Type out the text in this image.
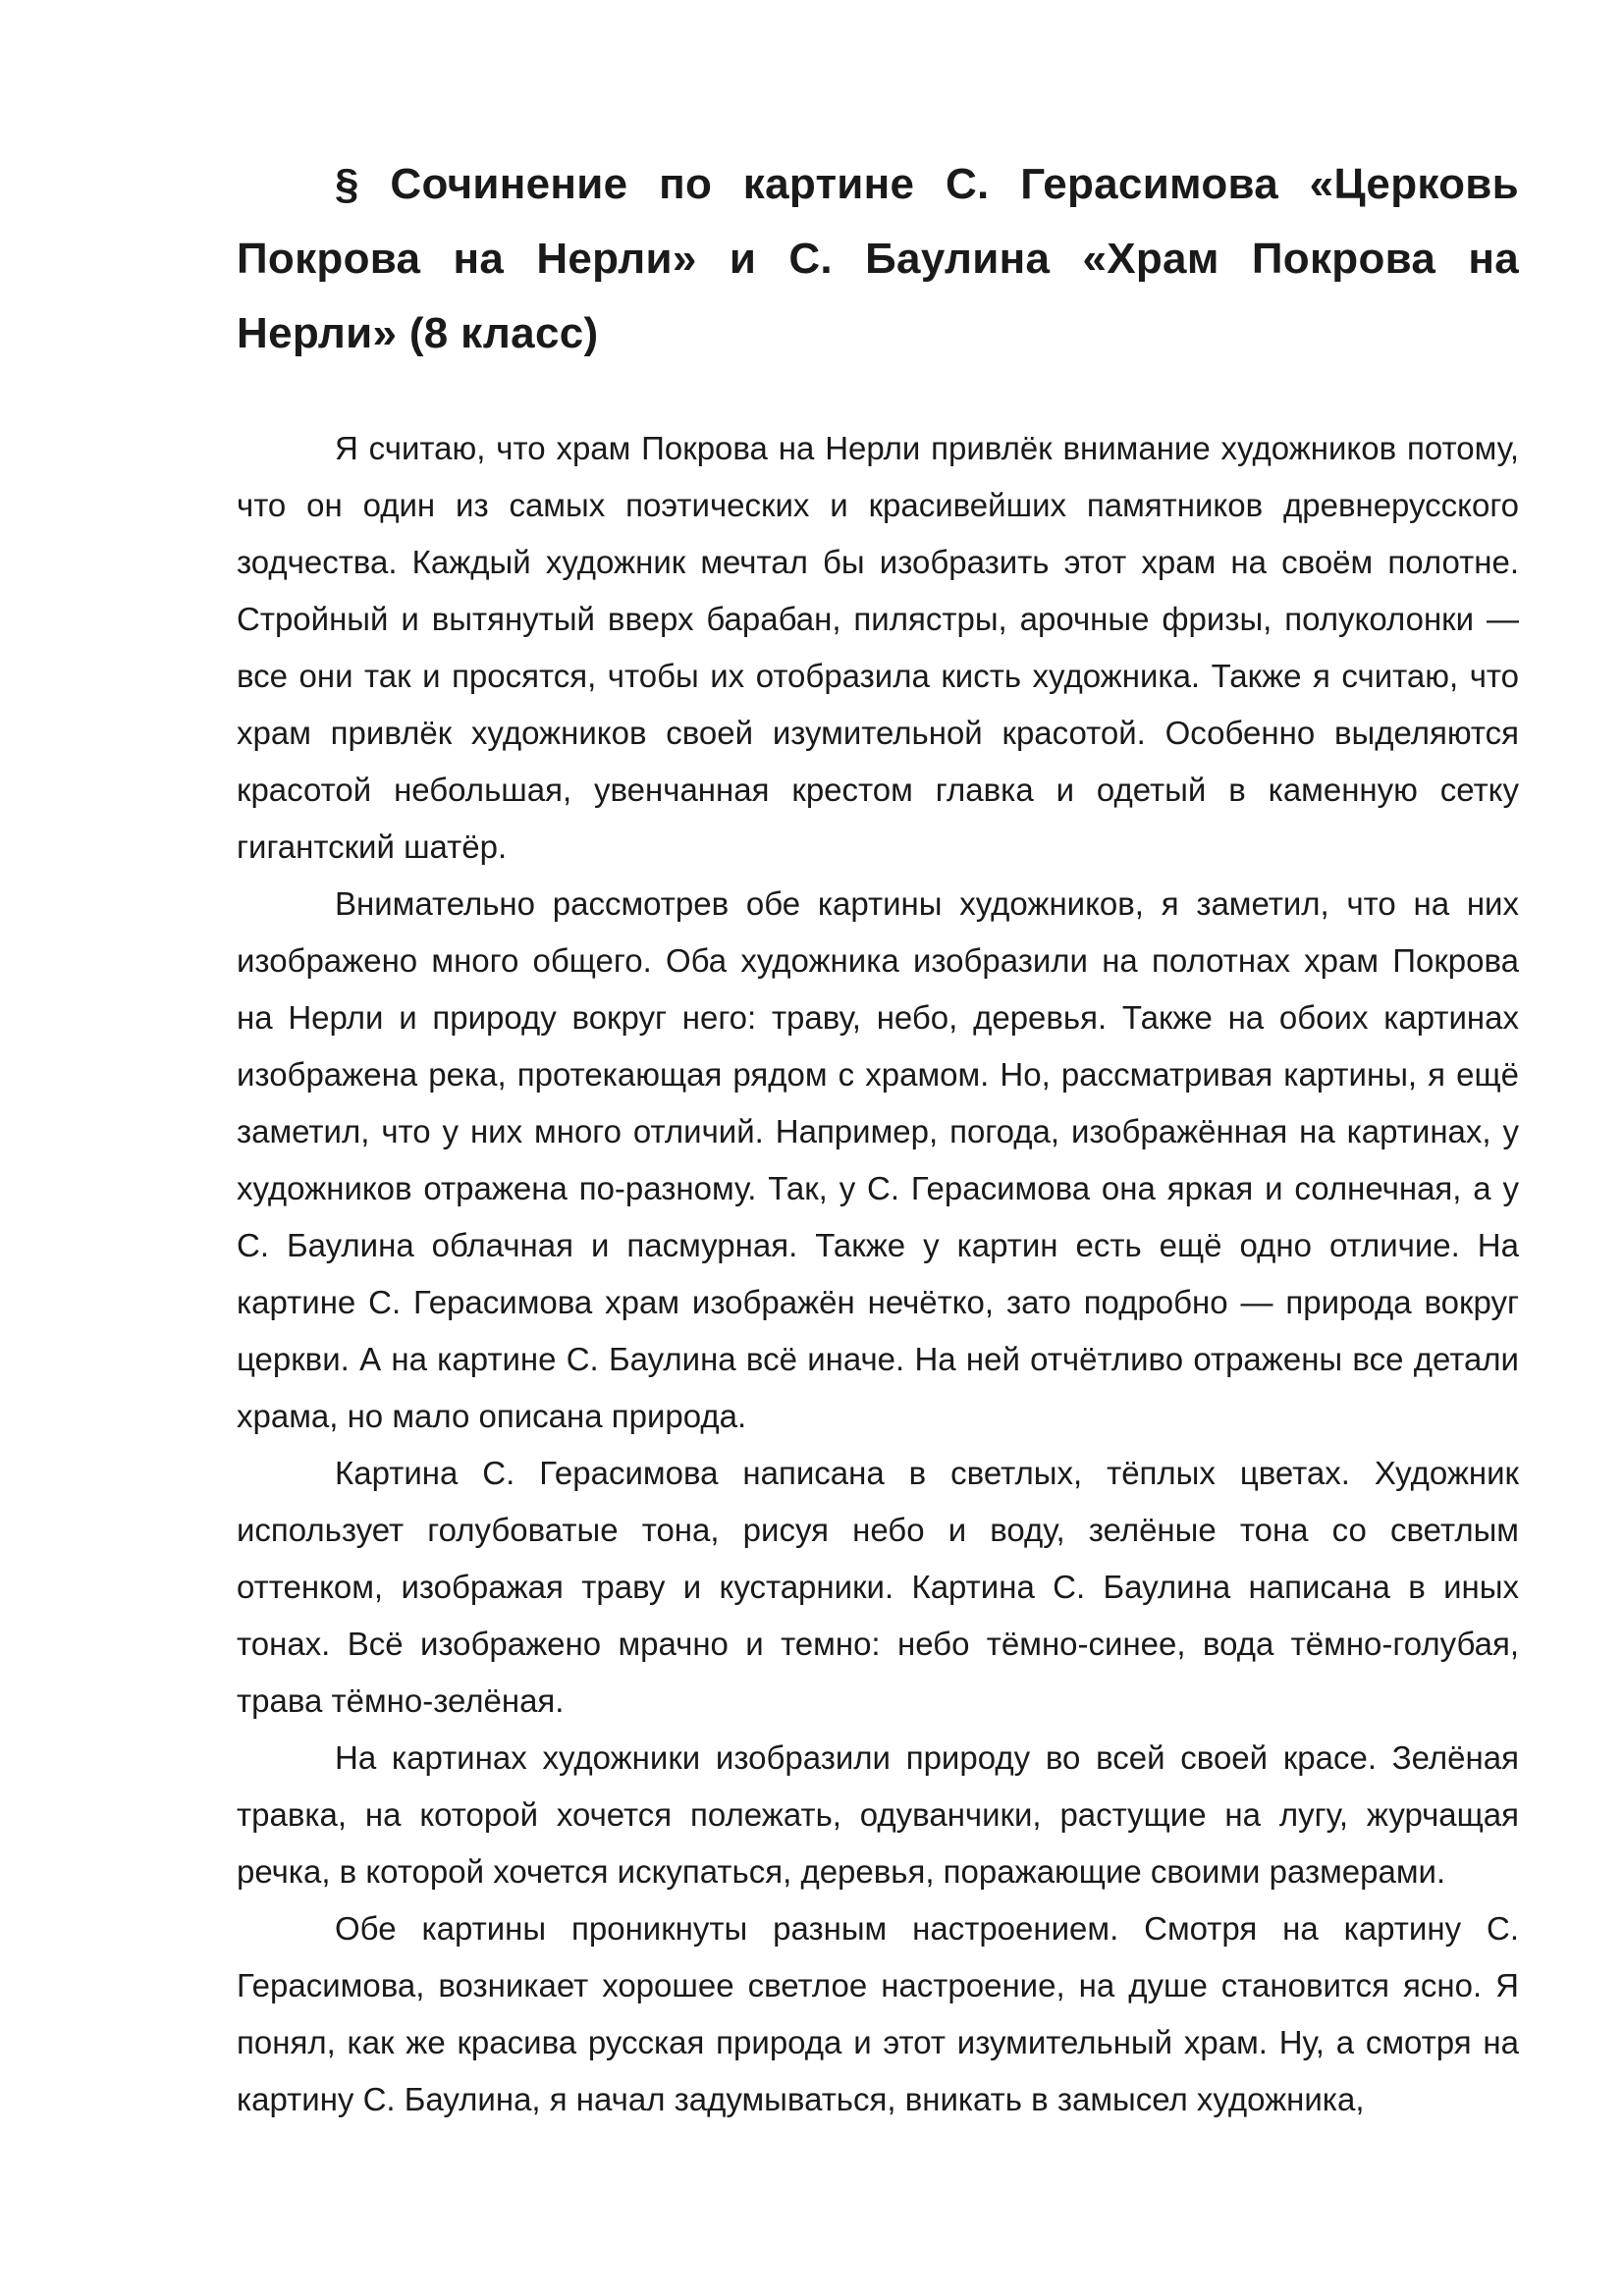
§ Сочинение по картине С. Герасимова «Церковь Покрова на Нерли» и С. Баулина «Храм Покрова на Нерли» (8 класс)

Я считаю, что храм Покрова на Нерли привлёк внимание художников потому, что он один из самых поэтических и красивейших памятников древнерусского зодчества. Каждый художник мечтал бы изобразить этот храм на своём полотне. Стройный и вытянутый вверх барабан, пилястры, арочные фризы, полуколонки — все они так и просятся, чтобы их отобразила кисть художника. Также я считаю, что храм привлёк художников своей изумительной красотой. Особенно выделяются красотой небольшая, увенчанная крестом главка и одетый в каменную сетку гигантский шатёр.

Внимательно рассмотрев обе картины художников, я заметил, что на них изображено много общего. Оба художника изобразили на полотнах храм Покрова на Нерли и природу вокруг него: траву, небо, деревья. Также на обоих картинах изображена река, протекающая рядом с храмом. Но, рассматривая картины, я ещё заметил, что у них много отличий. Например, погода, изображённая на картинах, у художников отражена по-разному. Так, у С. Герасимова она яркая и солнечная, а у С. Баулина облачная и пасмурная. Также у картин есть ещё одно отличие. На картине С. Герасимова храм изображён нечётко, зато подробно — природа вокруг церкви. А на картине С. Баулина всё иначе. На ней отчётливо отражены все детали храма, но мало описана природа.

Картина С. Герасимова написана в светлых, тёплых цветах. Художник использует голубоватые тона, рисуя небо и воду, зелёные тона со светлым оттенком, изображая траву и кустарники. Картина С. Баулина написана в иных тонах. Всё изображено мрачно и темно: небо тёмно-синее, вода тёмно-голубая, трава тёмно-зелёная.

На картинах художники изобразили природу во всей своей красе. Зелёная травка, на которой хочется полежать, одуванчики, растущие на лугу, журчащая речка, в которой хочется искупаться, деревья, поражающие своими размерами.

Обе картины проникнуты разным настроением. Смотря на картину С. Герасимова, возникает хорошее светлое настроение, на душе становится ясно. Я понял, как же красива русская природа и этот изумительный храм. Ну, а смотря на картину С. Баулина, я начал задумываться, вникать в замысел художника,
